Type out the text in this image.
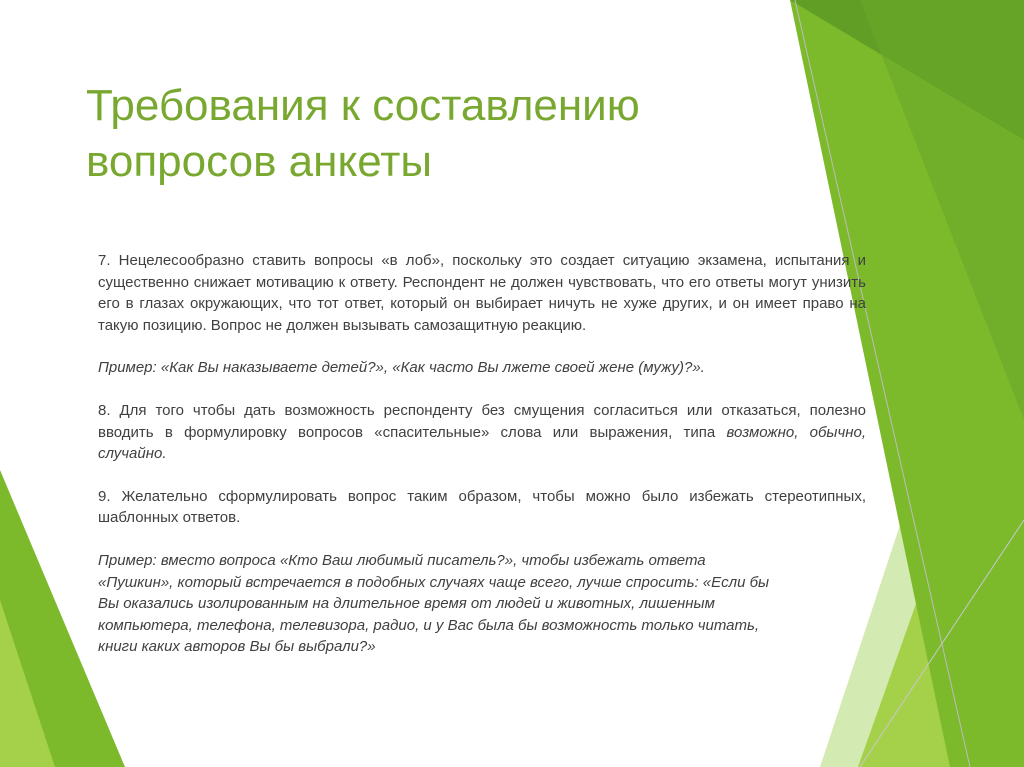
Требования к составлению
вопросов анкеты

7. Нецелесообразно ставить вопросы «в лоб», поскольку это создает ситуацию экзамена, испытания и существенно снижает мотивацию к ответу. Респондент не должен чувствовать, что его ответы могут унизить его в глазах окружающих, что тот ответ, который он выбирает ничуть не хуже других, и он имеет право на такую позицию. Вопрос не должен вызывать самозащитную реакцию.

Пример: «Как Вы наказываете детей?», «Как часто Вы лжете своей жене (мужу)?».

8. Для того чтобы дать возможность респонденту без смущения согласиться или отказаться, полезно вводить в формулировку вопросов «спасительные» слова или выражения, типа возможно, обычно, случайно.

9. Желательно сформулировать вопрос таким образом, чтобы можно было избежать стереотипных, шаблонных ответов.

Пример: вместо вопроса «Кто Ваш любимый писатель?», чтобы избежать ответа
«Пушкин», который встречается в подобных случаях чаще всего, лучше спросить: «Если бы
Вы оказались изолированным на длительное время от людей и животных, лишенным
компьютера, телефона, телевизора, радио, и у Вас была бы возможность только читать,
книги каких авторов Вы бы выбрали?»
